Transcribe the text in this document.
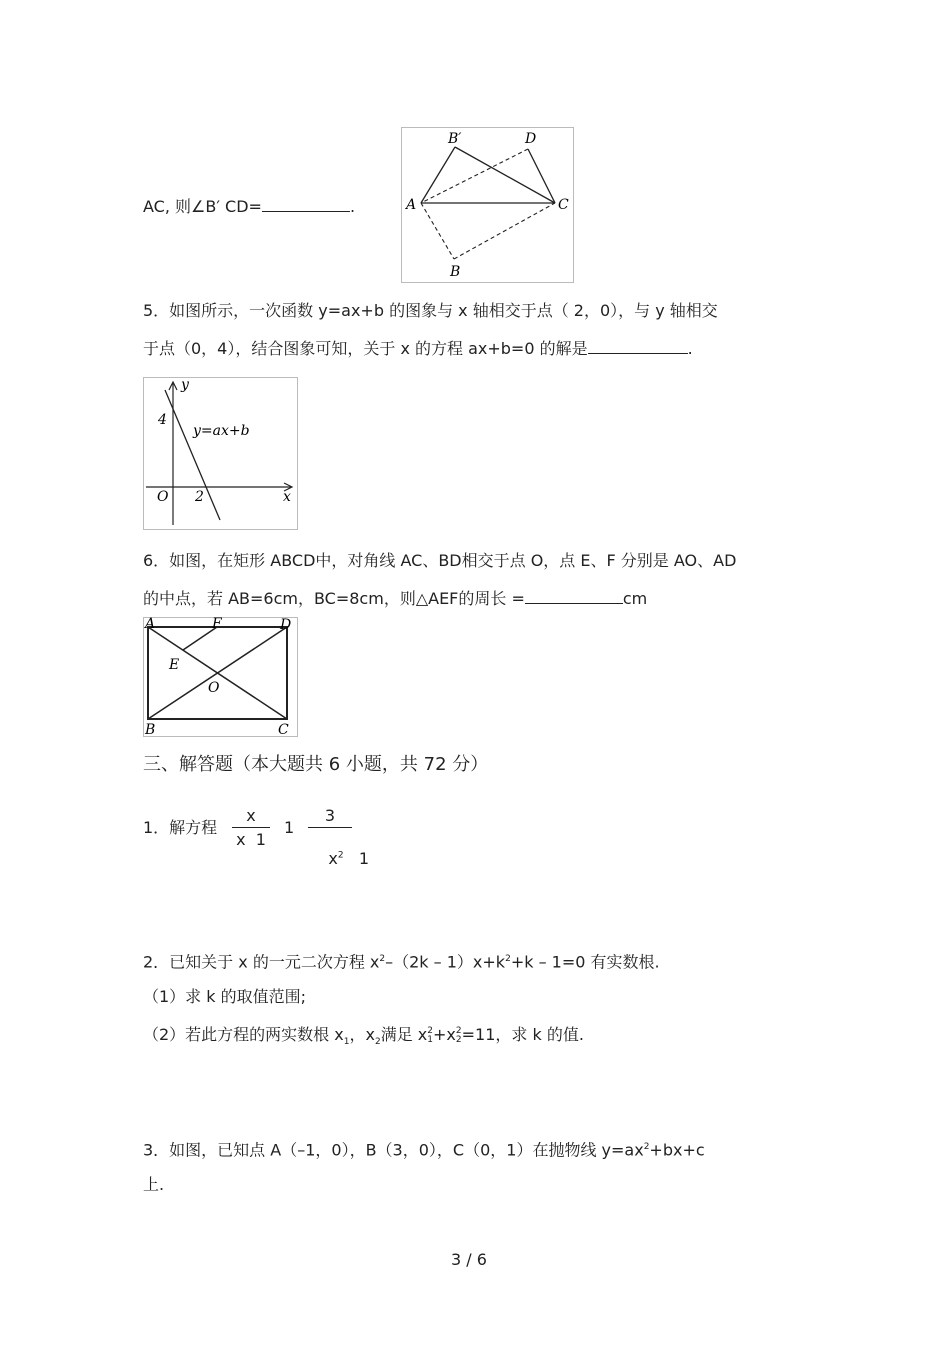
AC, 则∠B′ CD=	.
B′	D
A	C
B
5．如图所示，一次函数 y=ax+b 的图象与 x 轴相交于点（ 2，0），与 y 轴相交
于点（0，4），结合图象可知，关于 x 的方程 ax+b=0 的解是	.
y
x
O
4
2
y=ax+b
6．如图，在矩形 ABCD中，对角线 AC、BD相交于点 O，点 E、F 分别是 AO、AD
的中点，若 AB=6cm，BC=8cm，则△AEF的周长 =	cm
A	F	D
E
O
B	C
三、解答题（本大题共 6 小题，共 72 分）
1．解方程
x
x  1
1
3

$x^2$ 1

2．已知关于 x 的一元二次方程 $x^2-(2k - 1)x+k^2+k - 1=0$ 有实数根.
（1）求 k 的取值范围;
（2）若此方程的两实数根 $x_1$，$x_2$满足 x 2
1 +x 2
2 =11，求 k 的值.
3．如图，已知点 A（–1，0），B（3，0），C（0，1）在抛物线 $y=ax^2+bx+c$
上.
3 / 6
